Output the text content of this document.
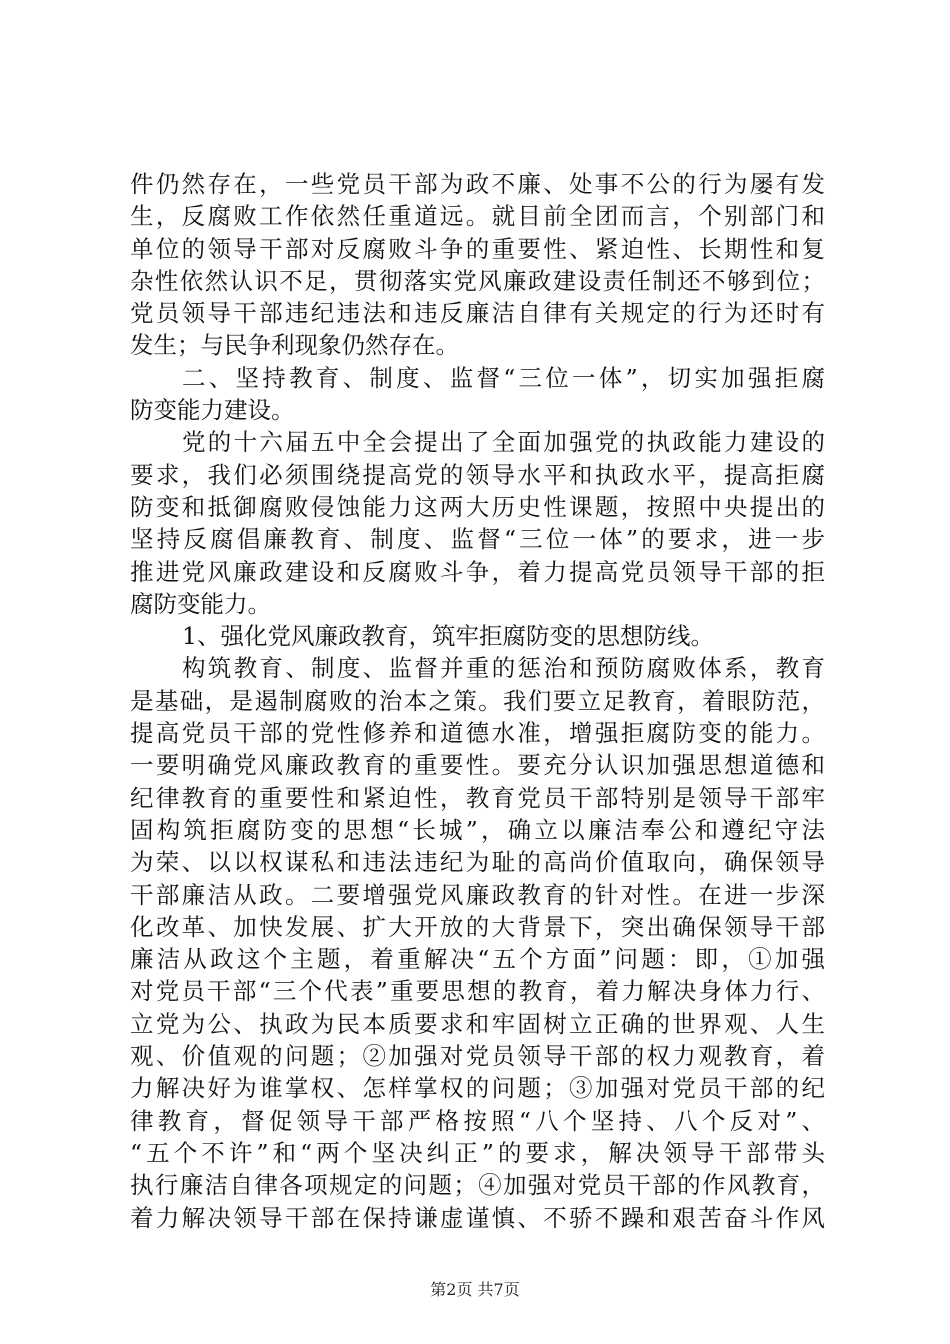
件仍然存在，一些党员干部为政不廉、处事不公的行为屡有发
生，反腐败工作依然任重道远。就目前全团而言，个别部门和
单位的领导干部对反腐败斗争的重要性、紧迫性、长期性和复
杂性依然认识不足，贯彻落实党风廉政建设责任制还不够到位；
党员领导干部违纪违法和违反廉洁自律有关规定的行为还时有
发生；与民争利现象仍然存在。
二、坚持教育、制度、监督“三位一体”，切实加强拒腐
防变能力建设。
党的十六届五中全会提出了全面加强党的执政能力建设的
要求，我们必须围绕提高党的领导水平和执政水平，提高拒腐
防变和抵御腐败侵蚀能力这两大历史性课题，按照中央提出的
坚持反腐倡廉教育、制度、监督“三位一体”的要求，进一步
推进党风廉政建设和反腐败斗争，着力提高党员领导干部的拒
腐防变能力。
1、强化党风廉政教育，筑牢拒腐防变的思想防线。
构筑教育、制度、监督并重的惩治和预防腐败体系，教育
是基础，是遏制腐败的治本之策。我们要立足教育，着眼防范，
提高党员干部的党性修养和道德水准，增强拒腐防变的能力。
一要明确党风廉政教育的重要性。要充分认识加强思想道德和
纪律教育的重要性和紧迫性，教育党员干部特别是领导干部牢
固构筑拒腐防变的思想“长城”，确立以廉洁奉公和遵纪守法
为荣、以以权谋私和违法违纪为耻的高尚价值取向，确保领导
干部廉洁从政。二要增强党风廉政教育的针对性。在进一步深
化改革、加快发展、扩大开放的大背景下，突出确保领导干部
廉洁从政这个主题，着重解决“五个方面”问题：即，①加强
对党员干部“三个代表”重要思想的教育，着力解决身体力行、
立党为公、执政为民本质要求和牢固树立正确的世界观、人生
观、价值观的问题；②加强对党员领导干部的权力观教育，着
力解决好为谁掌权、怎样掌权的问题；③加强对党员干部的纪
律教育，督促领导干部严格按照“八个坚持、八个反对”、
“五个不许”和“两个坚决纠正”的要求，解决领导干部带头
执行廉洁自律各项规定的问题；④加强对党员干部的作风教育，
着力解决领导干部在保持谦虚谨慎、不骄不躁和艰苦奋斗作风
第2页 共7页
